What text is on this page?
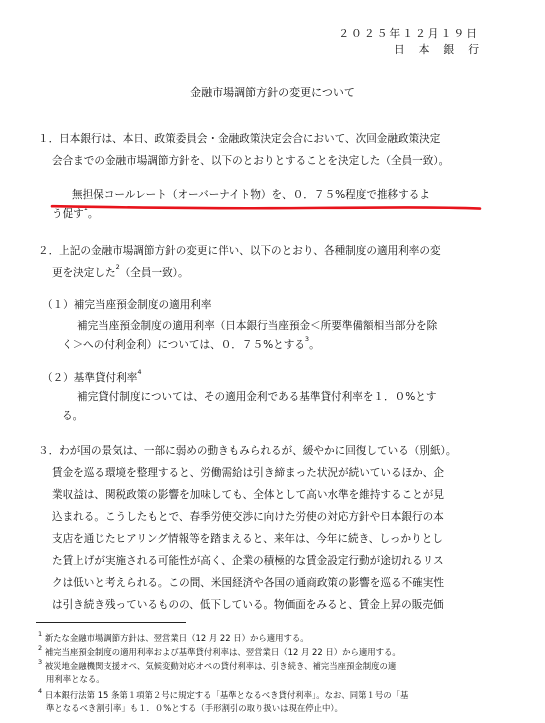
２０２５年１２月１９日
日本銀行
金融市場調節方針の変更について
１．日本銀行は、本日、政策委員会・金融政策決定会合において、次回金融政策決定
会合までの金融市場調節方針を、以下のとおりとすることを決定した（全員一致）。
無担保コールレート（オーバーナイト物）を、０．７５%程度で推移するよ
う促す$^1$。
２．上記の金融市場調節方針の変更に伴い、以下のとおり、各種制度の適用利率の変
更を決定した$^2$（全員一致）。
（１）補完当座預金制度の適用利率
補完当座預金制度の適用利率（日本銀行当座預金＜所要準備額相当部分を除
く＞への付利金利）については、０．７５%とする$^3$。
（２）基準貸付利率$^4$
補完貸付制度については、その適用金利である基準貸付利率を１．０%とす
る。
３．わが国の景気は、一部に弱めの動きもみられるが、緩やかに回復している（別紙）。
賃金を巡る環境を整理すると、労働需給は引き締まった状況が続いているほか、企
業収益は、関税政策の影響を加味しても、全体として高い水準を維持することが見
込まれる。こうしたもとで、春季労使交渉に向けた労使の対応方針や日本銀行の本
支店を通じたヒアリング情報等を踏まえると、来年は、今年に続き、しっかりとし
た賃上げが実施される可能性が高く、企業の積極的な賃金設定行動が途切れるリス
クは低いと考えられる。この間、米国経済や各国の通商政策の影響を巡る不確実性
は引き続き残っているものの、低下している。物価面をみると、賃金上昇の販売価
$^1$ 新たな金融市場調節方針は、翌営業日（12 月 22 日）から適用する。
$^2$ 補完当座預金制度の適用利率および基準貸付利率は、翌営業日（12 月 22 日）から適用する。
$^3$ 被災地金融機関支援オペ、気候変動対応オペの貸付利率は、引き続き、補完当座預金制度の適
用利率となる。
$^4$ 日本銀行法第 15 条第１項第２号に規定する「基準となるべき貸付利率」。なお、同第１号の「基
準となるべき割引率」も１．０%とする（手形割引の取り扱いは現在停止中）。
